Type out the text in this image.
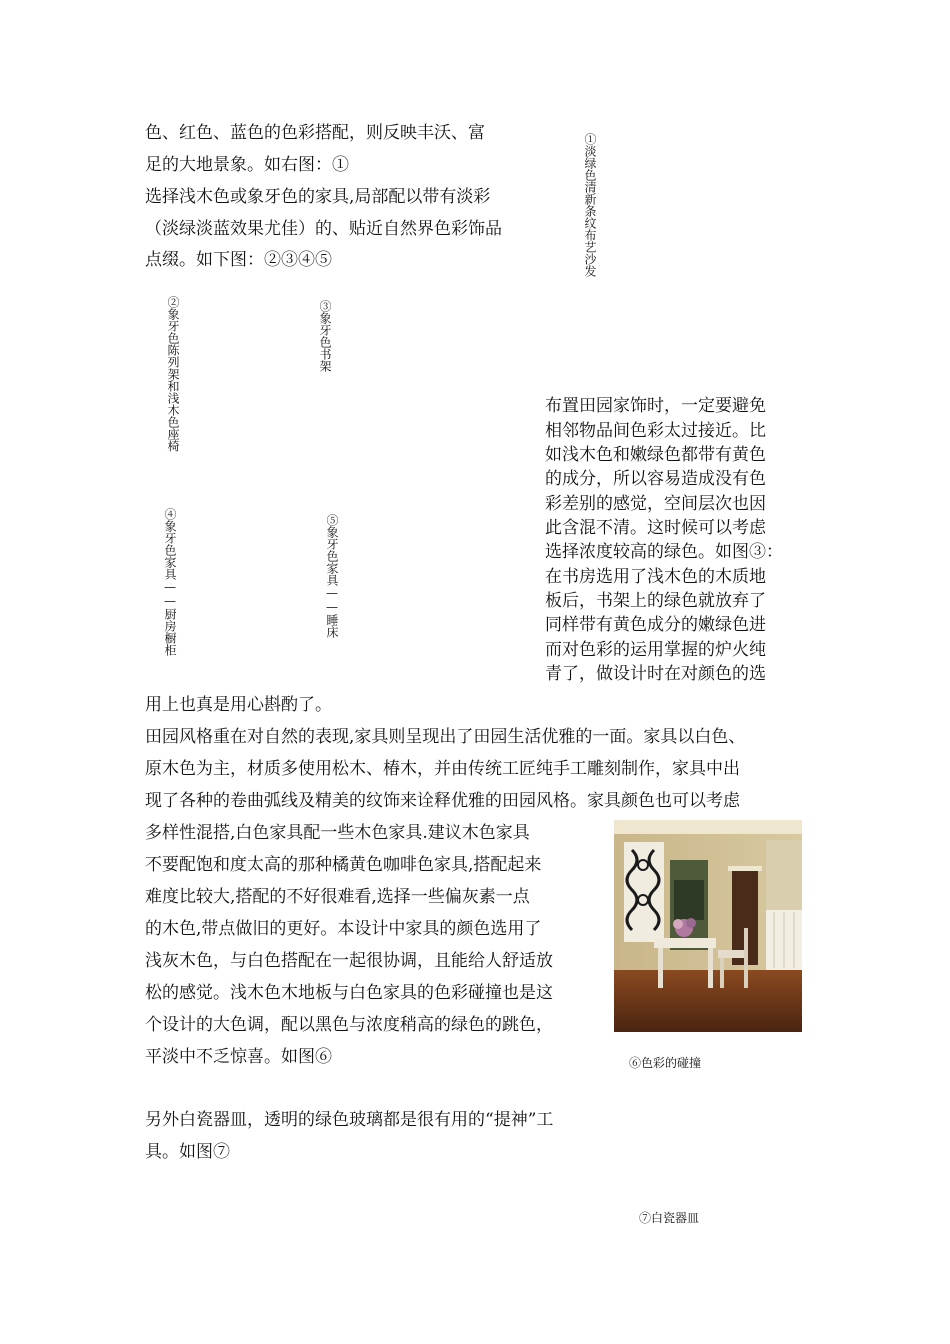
色、红色、蓝色的色彩搭配，则反映丰沃、富
足的大地景象。如右图：①
选择浅木色或象牙色的家具,局部配以带有淡彩
（淡绿淡蓝效果尤佳）的、贴近自然界色彩饰品
点缀。如下图：②③④⑤	①淡绿色清新条纹布艺沙发
②象牙色陈列架和浅木色座椅	③象牙色书架
④象牙色家具——厨房橱柜	⑤象牙色家具——睡床
布置田园家饰时，一定要避免
相邻物品间色彩太过接近。比
如浅木色和嫩绿色都带有黄色
的成分，所以容易造成没有色
彩差别的感觉，空间层次也因
此含混不清。这时候可以考虑
选择浓度较高的绿色。如图③：
在书房选用了浅木色的木质地
板后，书架上的绿色就放弃了
同样带有黄色成分的嫩绿色进
而对色彩的运用掌握的炉火纯
青了，做设计时在对颜色的选
用上也真是用心斟酌了。
田园风格重在对自然的表现,家具则呈现出了田园生活优雅的一面。家具以白色、
原木色为主，材质多使用松木、椿木，并由传统工匠纯手工雕刻制作，家具中出
现了各种的卷曲弧线及精美的纹饰来诠释优雅的田园风格。家具颜色也可以考虑
多样性混搭,白色家具配一些木色家具.建议木色家具
不要配饱和度太高的那种橘黄色咖啡色家具,搭配起来
难度比较大,搭配的不好很难看,选择一些偏灰素一点
的木色,带点做旧的更好。本设计中家具的颜色选用了
浅灰木色，与白色搭配在一起很协调，且能给人舒适放
松的感觉。浅木色木地板与白色家具的色彩碰撞也是这
个设计的大色调，配以黑色与浓度稍高的绿色的跳色，
平淡中不乏惊喜。如图⑥	⑥色彩的碰撞
另外白瓷器皿，透明的绿色玻璃都是很有用的“提神”工
具。如图⑦
⑦白瓷器皿
